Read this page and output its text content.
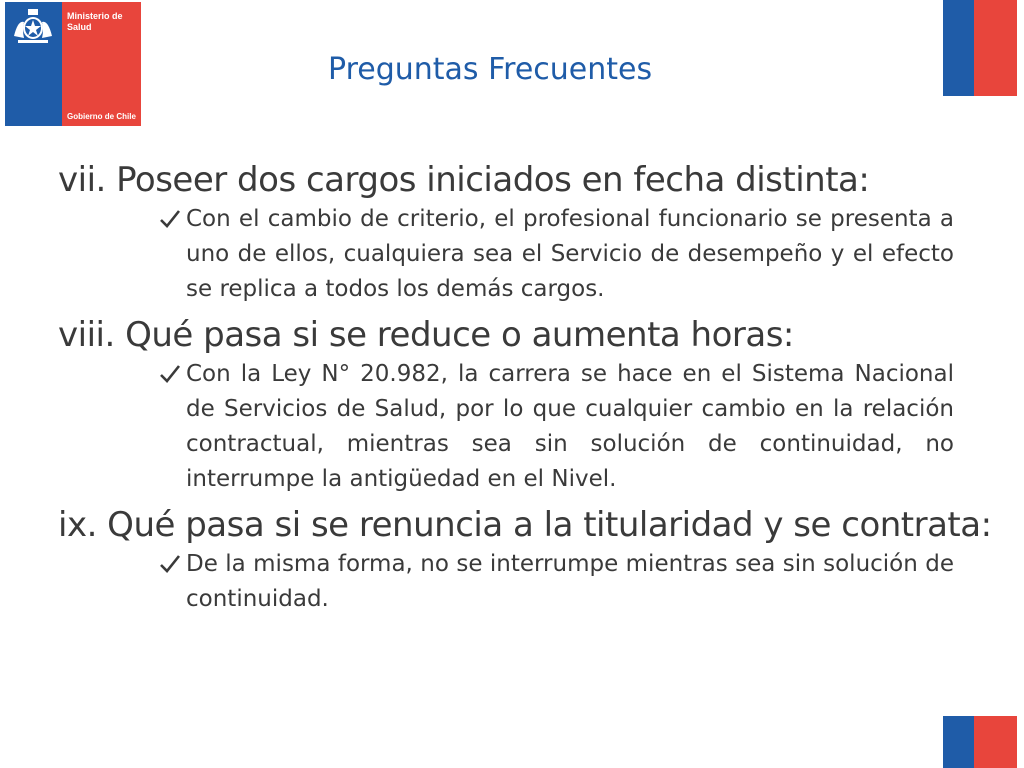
Ministerio de
Salud
Gobierno de Chile
Preguntas Frecuentes
vii. Poseer dos cargos iniciados en fecha distinta:
Con el cambio de criterio, el profesional funcionario se presenta a uno de ellos, cualquiera sea el Servicio de desempeño y el efecto se replica a todos los demás cargos.
viii. Qué pasa si se reduce o aumenta horas:
Con la Ley N° 20.982, la carrera se hace en el Sistema Nacional de Servicios de Salud, por lo que cualquier cambio en la relación contractual, mientras sea sin solución de continuidad, no interrumpe la antigüedad en el Nivel.
ix. Qué pasa si se renuncia a la titularidad y se contrata:
De la misma forma, no se interrumpe mientras sea sin solución de continuidad.
